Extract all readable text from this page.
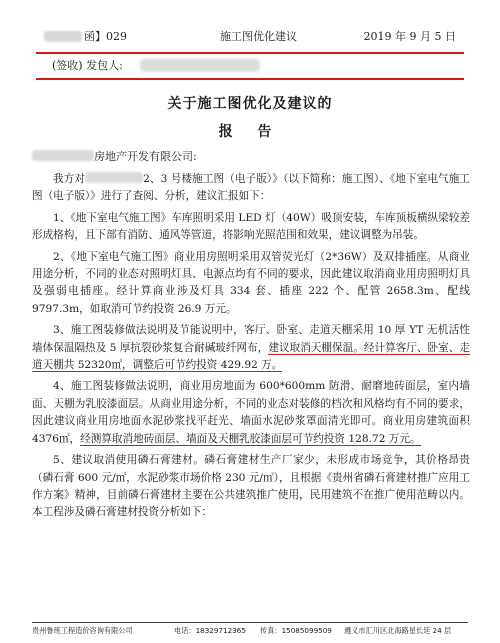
函】029	施工图优化建议	2019 年 9 月 5 日
(签收) 发包人:
关于施工图优化及建议的
报 告
房地产开发有限公司:

我方对	2、3 号楼施工图（电子版）》（以下简称：施工图）、《地下室电气施工图（电子版）》进行了查阅、分析，建议汇报如下：

1、《地下室电气施工图》车库照明采用 LED 灯（40W）吸顶安装，车库顶板横纵梁较差形成格构，且下部有消防、通风等管道，将影响光照范围和效果，建议调整为吊装。

2、《地下室电气施工图》商业用房照明采用双管荧光灯（2*36W）及双排插座。从商业用途分析，不同的业态对照明灯具、电源点均有不同的要求，因此建议取消商业用房照明灯具及强弱电插座。经计算商业涉及灯具 334 套、插座 222 个、配管 2658.3m、配线 9797.3m，如取消可节约投资 26.9 万元。

3、施工图装修做法说明及节能说明中，客厅、卧室、走道天棚采用 10 厚 YT 无机活性墙体保温隔热及 5 厚抗裂砂浆复合耐碱玻纤网布，建议取消天棚保温。经计算客厅、卧室、走道天棚共 52320㎡，调整后可节约投资 429.92 万。

4、施工图装修做法说明，商业用房地面为 600*600mm 防滑、耐磨地砖面层，室内墙面、天棚为乳胶漆面层。从商业用途分析，不同的业态对装修的档次和风格均有不同的要求，因此建议商业用房地面水泥砂浆找平赶光、墙面水泥砂浆罩面清光即可。商业用房建筑面积 4376㎡，经测算取消地砖面层、墙面及天棚乳胶漆面层可节约投资 128.72 万元。

5、建议取消使用磷石膏建材。磷石膏建材生产厂家少，未形成市场竞争，其价格昂贵（磷石膏 600 元/㎡，水泥砂浆市场价格 230 元/㎡），且根据《贵州省磷石膏建材推广应用工作方案》精神，目前磷石膏建材主要在公共建筑推广使用，民用建筑不在推广使用范畴以内。本工程涉及磷石膏建材投资分析如下：

贵州鲁班工程造价咨询有限公司	电话：18329712365 传真：15085099509 遵义市汇川区北海路星长廷 24 层
